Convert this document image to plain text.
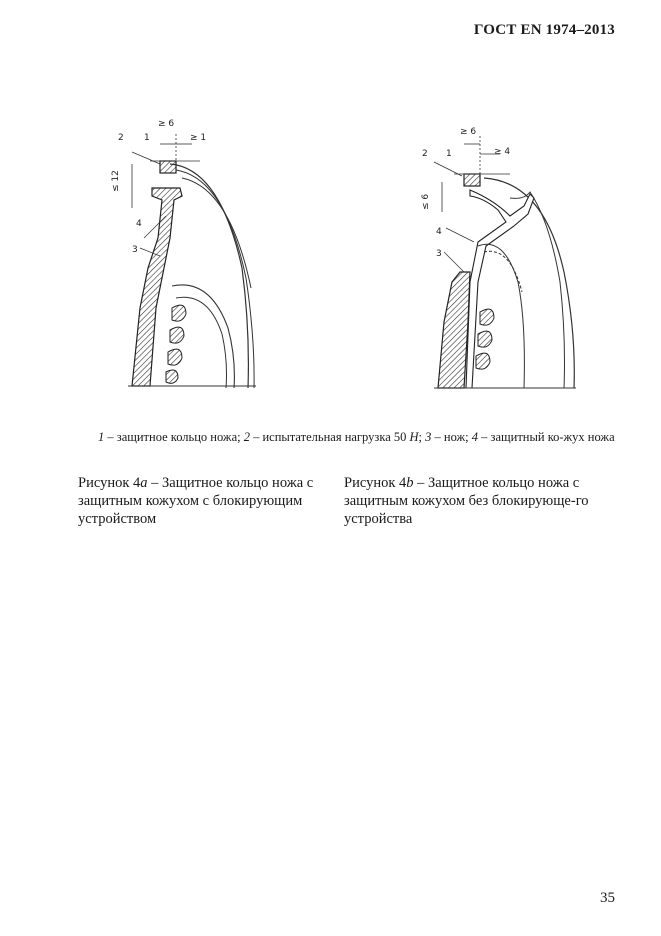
ГОСТ EN 1974–2013
≥ 6
≥ 1
≤ 12
2 1
4
3
≥ 6
≥ 4
≤ 6
2 1
4
3
1 – защитное кольцо ножа; 2 – испытательная нагрузка 50 H; 3 – нож; 4 – защитный ко-жух ножа
Рисунок 4a – Защитное кольцо ножа с защитным кожухом с блокирующим устройством
Рисунок 4b – Защитное кольцо ножа с защитным кожухом без блокирующе-го устройства
35
